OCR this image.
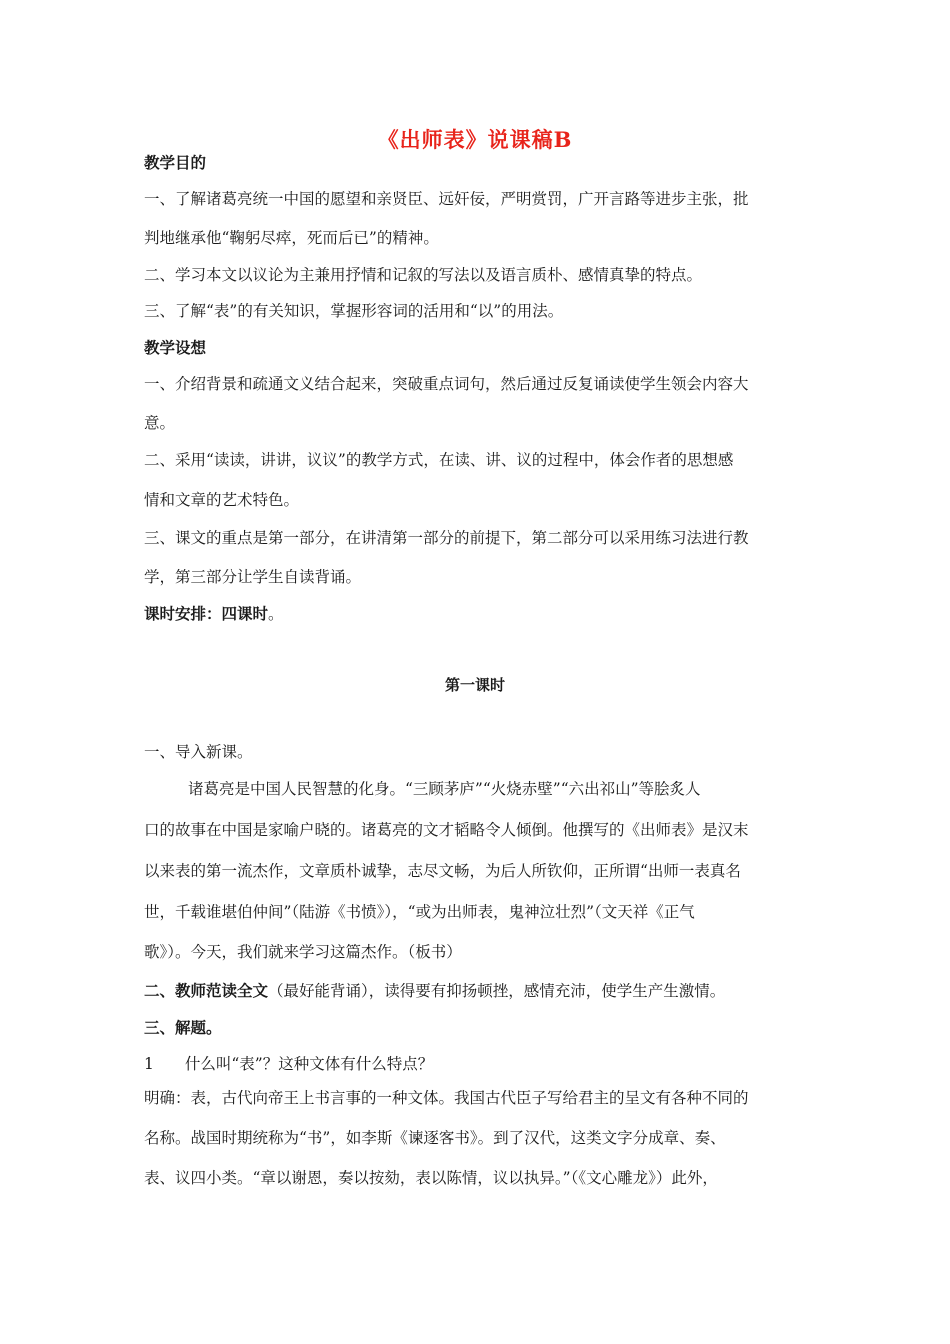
《出师表》说课稿B
教学目的
一、了解诸葛亮统一中国的愿望和亲贤臣、远奸佞，严明赏罚，广开言路等进步主张，批
判地继承他“鞠躬尽瘁，死而后已”的精神。
二、学习本文以议论为主兼用抒情和记叙的写法以及语言质朴、感情真挚的特点。
三、了解“表”的有关知识，掌握形容词的活用和“以”的用法。
教学设想
一、介绍背景和疏通文义结合起来，突破重点词句，然后通过反复诵读使学生领会内容大
意。
二、采用“读读，讲讲，议议”的教学方式，在读、讲、议的过程中，体会作者的思想感
情和文章的艺术特色。
三、课文的重点是第一部分，在讲清第一部分的前提下，第二部分可以采用练习法进行教
学，第三部分让学生自读背诵。
课时安排：四课时。
第一课时
一、导入新课。
诸葛亮是中国人民智慧的化身。“三顾茅庐”“火烧赤壁”“六出祁山”等脍炙人
口的故事在中国是家喻户晓的。诸葛亮的文才韬略令人倾倒。他撰写的《出师表》是汉末
以来表的第一流杰作，文章质朴诚挚，志尽文畅，为后人所钦仰，正所谓“出师一表真名
世，千载谁堪伯仲间”（陆游《书愤》），“或为出师表，鬼神泣壮烈”（文天祥《正气
歌》）。今天，我们就来学习这篇杰作。（板书）
二、教师范读全文（最好能背诵），读得要有抑扬顿挫，感情充沛，使学生产生激情。
三、解题。
1　　什么叫“表”？这种文体有什么特点？
明确：表，古代向帝王上书言事的一种文体。我国古代臣子写给君主的呈文有各种不同的
名称。战国时期统称为“书”，如李斯《谏逐客书》。到了汉代，这类文字分成章、奏、
表、议四小类。“章以谢恩，奏以按劾，表以陈情，议以执异。”（《文心雕龙》）此外，
